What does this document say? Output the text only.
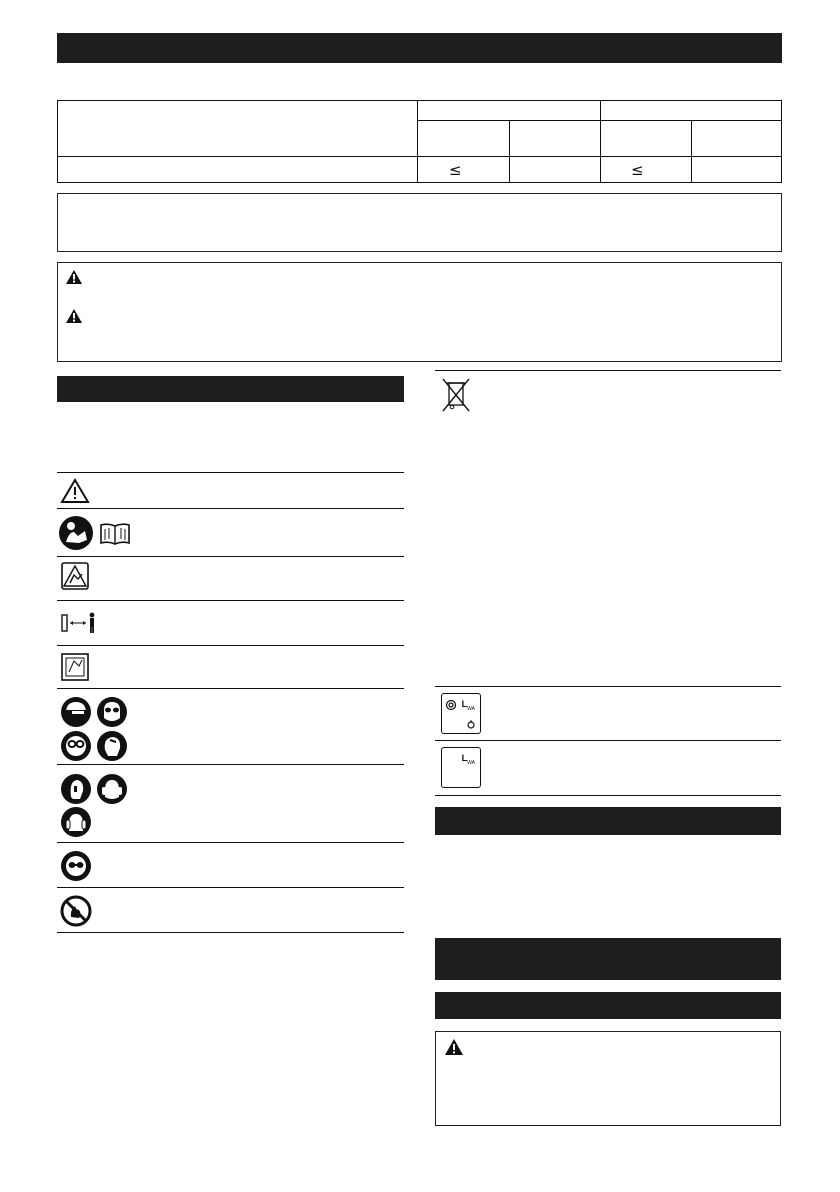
≤	≤
$L_{WA}$
$L_{WA}$
